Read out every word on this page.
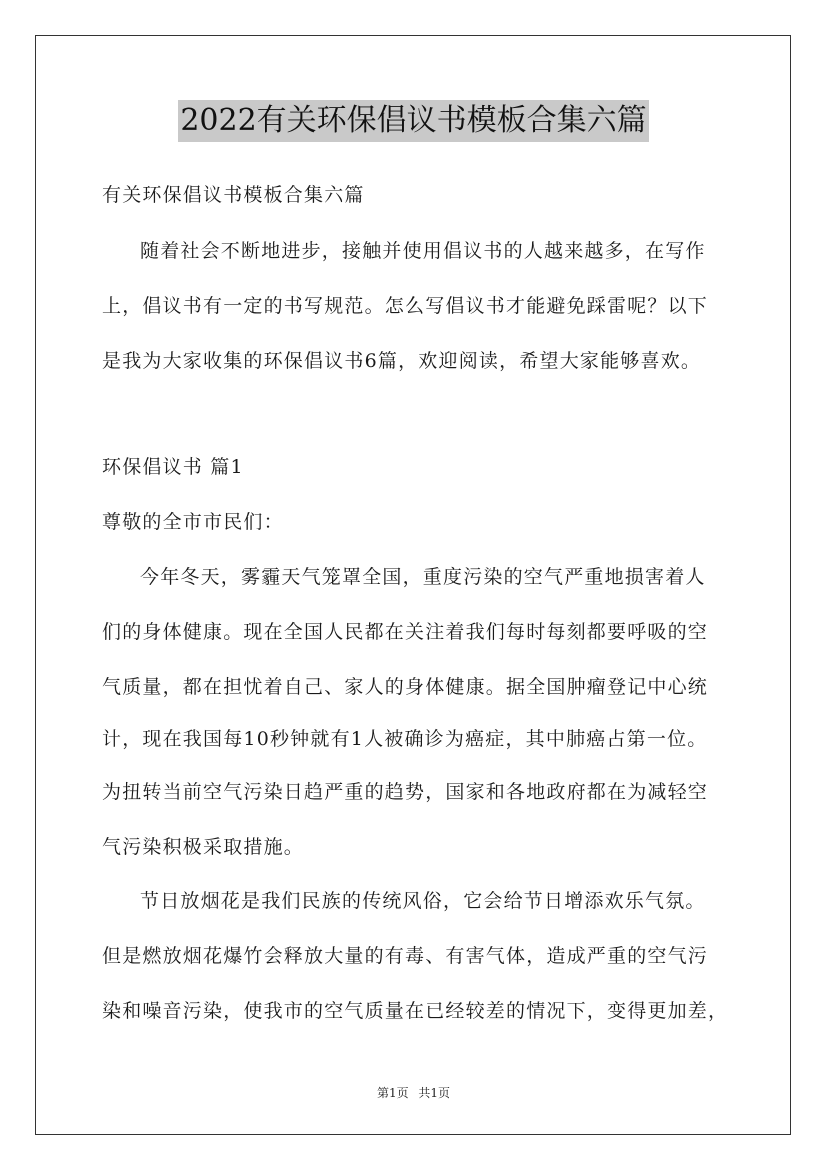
2022有关环保倡议书模板合集六篇
有关环保倡议书模板合集六篇
随着社会不断地进步，接触并使用倡议书的人越来越多，在写作
上，倡议书有一定的书写规范。怎么写倡议书才能避免踩雷呢？以下
是我为大家收集的环保倡议书6篇，欢迎阅读，希望大家能够喜欢。
环保倡议书 篇1
尊敬的全市市民们：
今年冬天，雾霾天气笼罩全国，重度污染的空气严重地损害着人
们的身体健康。现在全国人民都在关注着我们每时每刻都要呼吸的空
气质量，都在担忧着自己、家人的身体健康。据全国肿瘤登记中心统
计，现在我国每10秒钟就有1人被确诊为癌症，其中肺癌占第一位。
为扭转当前空气污染日趋严重的趋势，国家和各地政府都在为减轻空
气污染积极采取措施。
节日放烟花是我们民族的传统风俗，它会给节日增添欢乐气氛。
但是燃放烟花爆竹会释放大量的有毒、有害气体，造成严重的空气污
染和噪音污染，使我市的空气质量在已经较差的情况下，变得更加差，
第1页 共1页
